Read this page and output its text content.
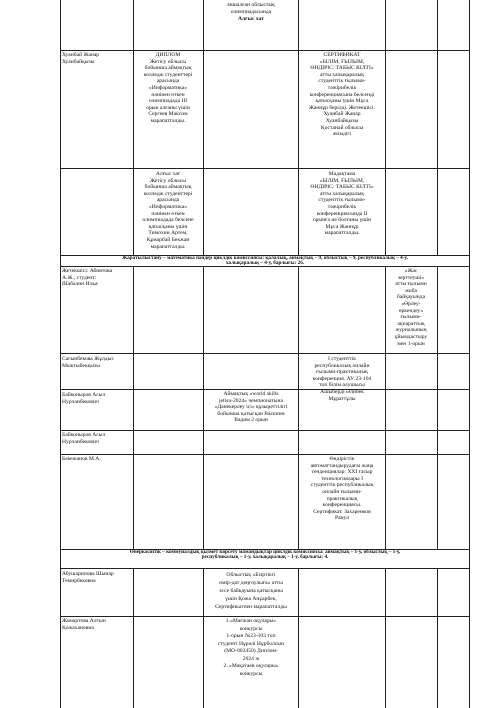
аншалған облыстық
олимпиадасында
Алғыс хат
Хуанбай Жанар
Хуанбайқызы
ДИПЛОМ
Жетісу облысы
бойынша аймақтық
колледж студенттері
арасында
«Информатика»
пәнінен өткен
олимпиадада III
орын алғаны үшін
Сергеев Максим
марапатталды.
СЕРТИФИКАТ
«БІЛІМ, ҒЫЛЫМ,
ӨНДІРІС: ТАБЫС КІЛТІ»
атты халықаралық
студенттік ғылыми-
тәжірибелік
конференциясына белсенді
қатысқаны үшін Мұса
Жаннұр берілді. Жетекшісі:
Хуанбай Жанар
Хуанбайқызы
Қостанай облысы
әкімдігі
Алғыс хат
Жетісу облысы
бойынша аймақтық
колледж студенттері
арасында
«Информатика»
пәнінен өткен
олимпиадада белсене
қатысқаны үшін
Тимохин Артем,
Құмарбай Бекжан
марапатталды.
Мадақтама
«БІЛІМ, ҒЫЛЫМ,
ӨНДІРІС: ТАБЫС КІЛТІ»
атты халықаралық
студенттік ғылыми-
тәжірибелік
конференциясында II
орынға ие болғаны үшін
Мұса Жаннұр
марапатталды.
Жаратылыстану – математика пәндер циклдік комиссиясы: қалалық, аймақтық – 9, облыстық – 9, республикалық – 4-у,
халықаралық – 4-у, барлығы: 26.
Жетекшісі: Абиятова
А.Ж., студент:
Шабалин Илья
«Жас
зерттеуші»
атты ғылыми
жоба
байқауында
«Өрлеу-
өркендеу»
ғылыми-
ақпараттық
журналының
ұйымдастыру
мен 1-орын
Сагынбекова Жұлдыз
Мыктыбекқызы
I студенттік
республикалық онлайн
ғылыми-практикалық
конференция. АУ 23-104
топ білім алушысы
Ашыбердi Әлибек
Мұраттұлы
Байконыров Асыл
Нурланбекович
Аймақтық «world skills
jetisu-2024» чемпионатына
«Дәнекерлеу ісі» құзыреттілігі
бойынша қатысқан Васкиин
Вадим 2 орын
Байконыров Асыл
Нурланбекович
Бекежанов М.А.	Өндірістік
автоматтандырудағы жаңа
тенденциялар: XXI ғасыр
технологиялары I
студенттік республикалық
онлайн ғылыми-
практикалық
конференциясы.
Сертификат. Захаренков
Раиул
Өнеркәсіптік – коммуналдық қызмет көрсету мамандықтар циклдік комиссиясы: аймақтық – 1-у, облыстық – 1-у,
республикалық – 1-у, халықаралық – 1-у, барлығы: 4.
Абушарипова Шынар
Темирбековна
Облыстық «Бізртікгі
өмір-дат деңгоулыға» атты
эссе байқауына қатысқаны
үшін Қожа Анұарбек,
Сертификатпен марапатталды
Жомартова Алтын
Қожахановна
1.«Мағжан оқулары»
конкурсы
1-орын №23-103 топ
студенті Нұрәлі Нұрболсын
(МО-002450) Диплом-
2024 ж
2. «Мақатаев оқулары»
конкурсы
